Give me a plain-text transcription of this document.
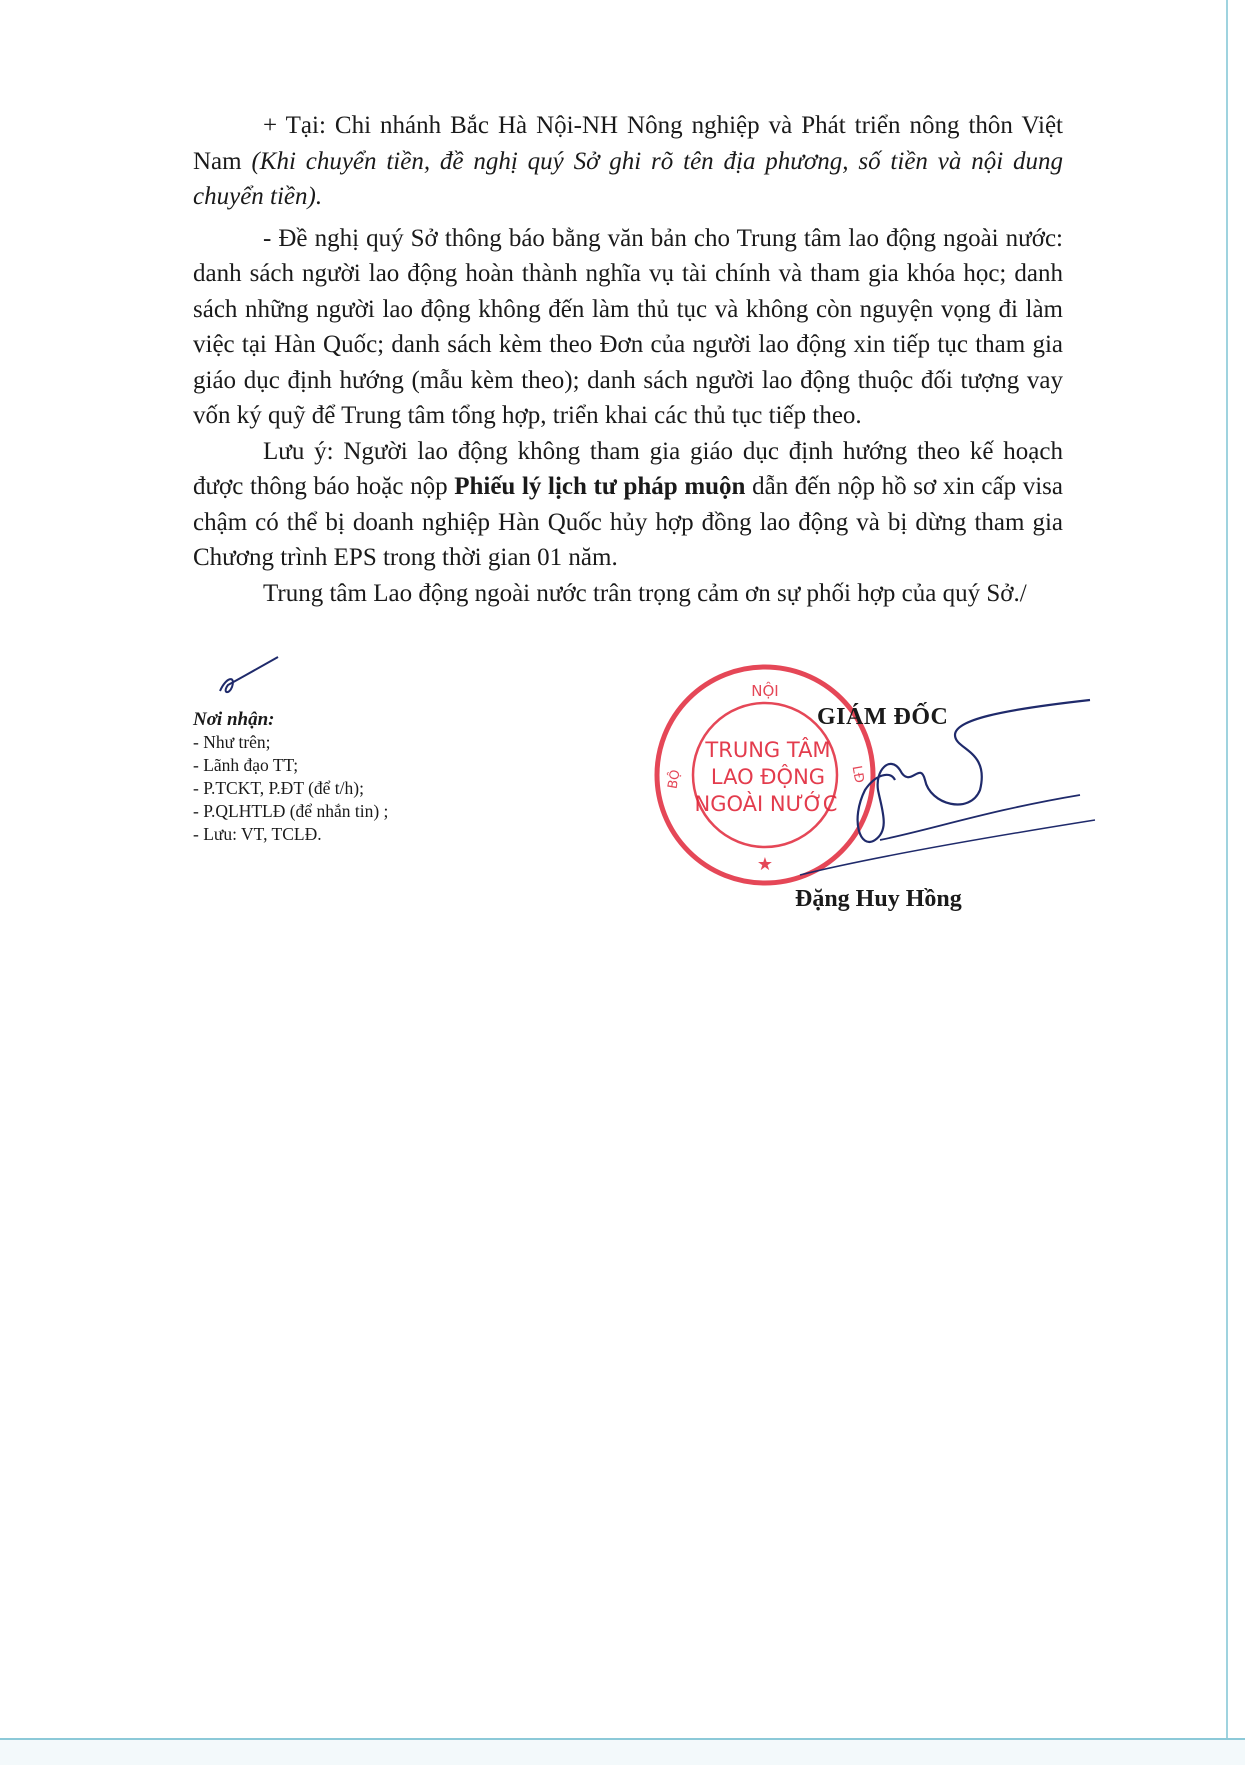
+ Tại: Chi nhánh Bắc Hà Nội-NH Nông nghiệp và Phát triển nông thôn Việt Nam (Khi chuyển tiền, đề nghị quý Sở ghi rõ tên địa phương, số tiền và nội dung chuyển tiền).

- Đề nghị quý Sở thông báo bằng văn bản cho Trung tâm lao động ngoài nước: danh sách người lao động hoàn thành nghĩa vụ tài chính và tham gia khóa học; danh sách những người lao động không đến làm thủ tục và không còn nguyện vọng đi làm việc tại Hàn Quốc; danh sách kèm theo Đơn của người lao động xin tiếp tục tham gia giáo dục định hướng (mẫu kèm theo); danh sách người lao động thuộc đối tượng vay vốn ký quỹ để Trung tâm tổng hợp, triển khai các thủ tục tiếp theo.

Lưu ý: Người lao động không tham gia giáo dục định hướng theo kế hoạch được thông báo hoặc nộp Phiếu lý lịch tư pháp muộn dẫn đến nộp hồ sơ xin cấp visa chậm có thể bị doanh nghiệp Hàn Quốc hủy hợp đồng lao động và bị dừng tham gia Chương trình EPS trong thời gian 01 năm.

Trung tâm Lao động ngoài nước trân trọng cảm ơn sự phối hợp của quý Sở./

Nơi nhận:
- Như trên;
- Lãnh đạo TT;
- P.TCKT, P.ĐT (để t/h);
- P.QLHTLĐ (để nhắn tin) ;
- Lưu: VT, TCLĐ.
NỘI
BỘ	LĐ
TRUNG TÂM
LAO ĐỘNG
NGOÀI NƯỚC
★
GIÁM ĐỐC
Đặng Huy Hồng
